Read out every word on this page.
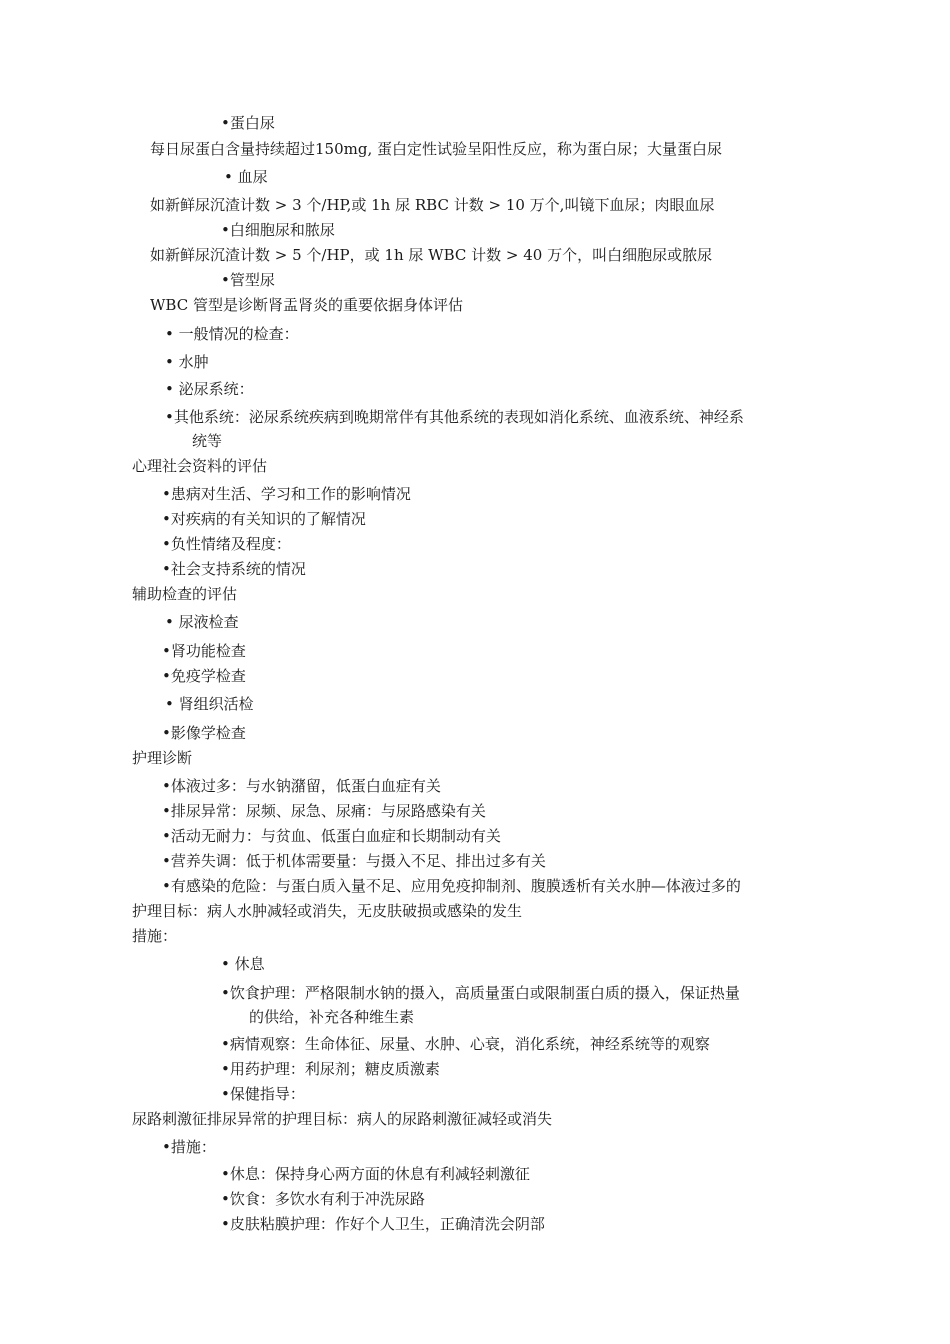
•蛋白尿
每日尿蛋白含量持续超过150mg, 蛋白定性试验呈阳性反应，称为蛋白尿；大量蛋白尿
• 血尿
如新鲜尿沉渣计数 > 3 个/HP,或 1h 尿 RBC 计数 > 10 万个,叫镜下血尿；肉眼血尿
•白细胞尿和脓尿
如新鲜尿沉渣计数 > 5 个/HP，或 1h 尿 WBC 计数 > 40 万个，叫白细胞尿或脓尿
•管型尿
WBC 管型是诊断肾盂肾炎的重要依据身体评估
• 一般情况的检查：
• 水肿
• 泌尿系统：
•其他系统：泌尿系统疾病到晚期常伴有其他系统的表现如消化系统、血液系统、神经系
统等
心理社会资料的评估
•患病对生活、学习和工作的影响情况
•对疾病的有关知识的了解情况
•负性情绪及程度：
•社会支持系统的情况
辅助检查的评估
• 尿液检查
•肾功能检查
•免疫学检查
• 肾组织活检
•影像学检查
护理诊断
•体液过多：与水钠潴留，低蛋白血症有关
•排尿异常：尿频、尿急、尿痛：与尿路感染有关
•活动无耐力：与贫血、低蛋白血症和长期制动有关
•营养失调：低于机体需要量：与摄入不足、排出过多有关
•有感染的危险：与蛋白质入量不足、应用免疫抑制剂、腹膜透析有关水肿—体液过多的
护理目标：病人水肿减轻或消失，无皮肤破损或感染的发生
措施：
• 休息
•饮食护理：严格限制水钠的摄入，高质量蛋白或限制蛋白质的摄入，保证热量
的供给，补充各种维生素
•病情观察：生命体征、尿量、水肿、心衰，消化系统，神经系统等的观察
•用药护理：利尿剂；糖皮质激素
•保健指导：
尿路刺激征排尿异常的护理目标：病人的尿路刺激征减轻或消失
•措施：
•休息：保持身心两方面的休息有利减轻刺激征
•饮食：多饮水有利于冲洗尿路
•皮肤粘膜护理：作好个人卫生，正确清洗会阴部
